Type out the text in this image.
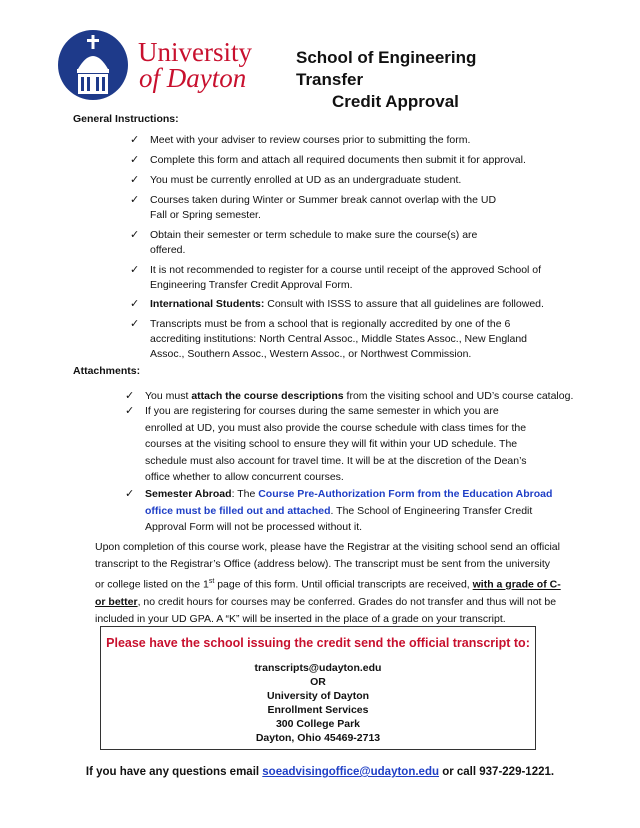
University
of Dayton
School of Engineering Transfer
Credit Approval
General Instructions:
✓ Meet with your adviser to review courses prior to submitting the form.
✓ Complete this form and attach all required documents then submit it for approval.
✓ You must be currently enrolled at UD as an undergraduate student.
✓ Courses taken during Winter or Summer break cannot overlap with the UD
Fall or Spring semester.
✓ Obtain their semester or term schedule to make sure the course(s) are
offered.
✓ It is not recommended to register for a course until receipt of the approved School of
Engineering Transfer Credit Approval Form.
✓ International Students: Consult with ISSS to assure that all guidelines are followed.
✓ Transcripts must be from a school that is regionally accredited by one of the 6
accrediting institutions: North Central Assoc., Middle States Assoc., New England
Assoc., Southern Assoc., Western Assoc., or Northwest Commission.
Attachments:
✓ You must attach the course descriptions from the visiting school and UD’s course catalog.
✓ If you are registering for courses during the same semester in which you are
enrolled at UD, you must also provide the course schedule with class times for the
courses at the visiting school to ensure they will fit within your UD schedule. The
schedule must also account for travel time. It will be at the discretion of the Dean’s
office whether to allow concurrent courses.
✓ Semester Abroad: The Course Pre-Authorization Form from the Education Abroad
office must be filled out and attached. The School of Engineering Transfer Credit
Approval Form will not be processed without it.
Upon completion of this course work, please have the Registrar at the visiting school send an official
transcript to the Registrar’s Office (address below). The transcript must be sent from the university
or college listed on the 1st page of this form. Until official transcripts are received, with a grade of C-
or better, no credit hours for courses may be conferred. Grades do not transfer and thus will not be
included in your UD GPA. A “K” will be inserted in the place of a grade on your transcript.
Please have the school issuing the credit send the official transcript to:
transcripts@udayton.edu
OR
University of Dayton
Enrollment Services
300 College Park
Dayton, Ohio 45469-2713
If you have any questions email soeadvisingoffice@udayton.edu or call 937-229-1221.
